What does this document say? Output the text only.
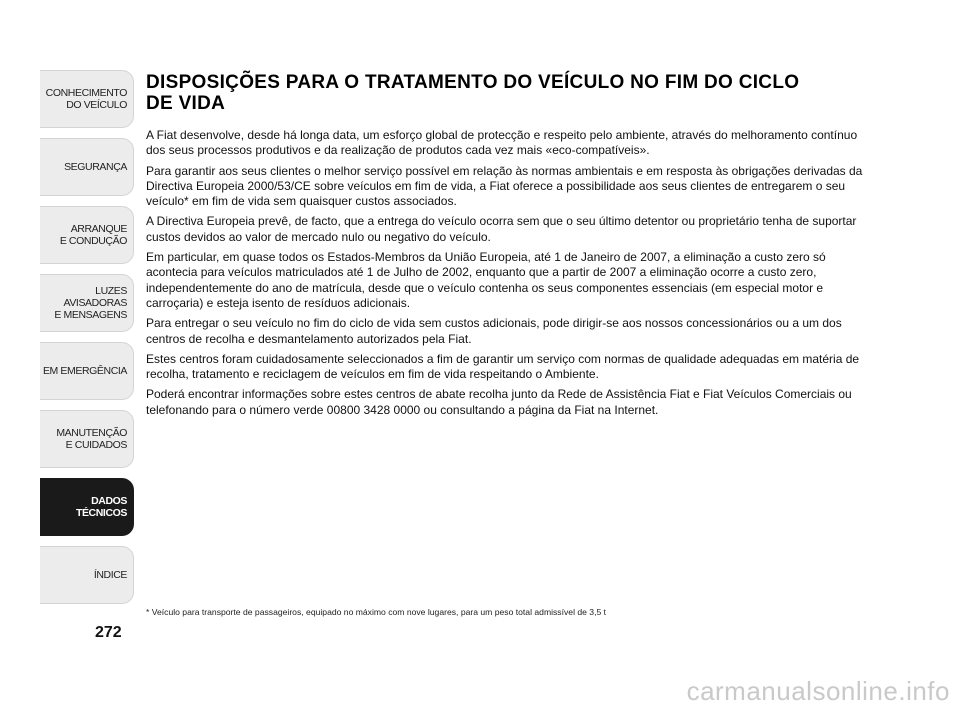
CONHECIMENTO
DO VEÍCULO
SEGURANÇA
ARRANQUE
E CONDUÇÃO
LUZES
AVISADORAS
E MENSAGENS
EM EMERGÊNCIA
MANUTENÇÃO
E CUIDADOS
DADOS
TÉCNICOS
ÍNDICE
272
DISPOSIÇÕES PARA O TRATAMENTO DO VEÍCULO NO FIM DO CICLO DE VIDA

A Fiat desenvolve, desde há longa data, um esforço global de protecção e respeito pelo ambiente, através do melhoramento contínuo dos seus processos produtivos e da realização de produtos cada vez mais «eco-compatíveis».

Para garantir aos seus clientes o melhor serviço possível em relação às normas ambientais e em resposta às obrigações derivadas da Directiva Europeia 2000/53/CE sobre veículos em fim de vida, a Fiat oferece a possibilidade aos seus clientes de entregarem o seu veículo* em fim de vida sem quaisquer custos associados.

A Directiva Europeia prevê, de facto, que a entrega do veículo ocorra sem que o seu último detentor ou proprietário tenha de suportar custos devidos ao valor de mercado nulo ou negativo do veículo.

Em particular, em quase todos os Estados-Membros da União Europeia, até 1 de Janeiro de 2007, a eliminação a custo zero só acontecia para veículos matriculados até 1 de Julho de 2002, enquanto que a partir de 2007 a eliminação ocorre a custo zero, independentemente do ano de matrícula, desde que o veículo contenha os seus componentes essenciais (em especial motor e carroçaria) e esteja isento de resíduos adicionais.

Para entregar o seu veículo no fim do ciclo de vida sem custos adicionais, pode dirigir-se aos nossos concessionários ou a um dos centros de recolha e desmantelamento autorizados pela Fiat.

Estes centros foram cuidadosamente seleccionados a fim de garantir um serviço com normas de qualidade adequadas em matéria de recolha, tratamento e reciclagem de veículos em fim de vida respeitando o Ambiente.

Poderá encontrar informações sobre estes centros de abate recolha junto da Rede de Assistência Fiat e Fiat Veículos Comerciais ou telefonando para o número verde 00800 3428 0000 ou consultando a página da Fiat na Internet.

* Veículo para transporte de passageiros, equipado no máximo com nove lugares, para um peso total admissível de 3,5 t
carmanualsonline.info
